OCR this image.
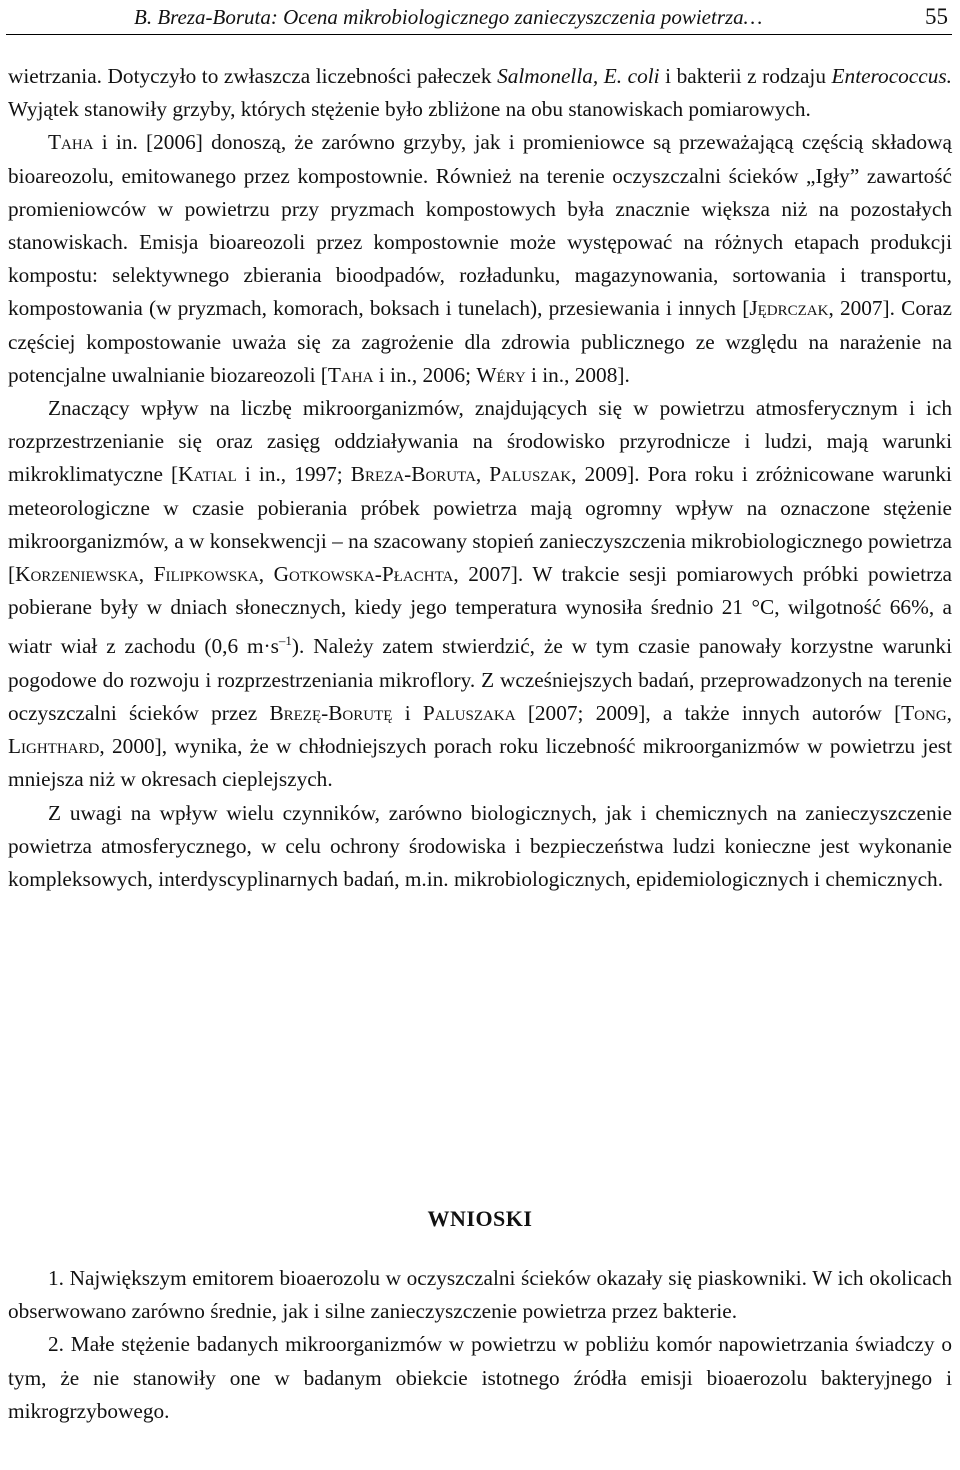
B. Breza-Boruta: Ocena mikrobiologicznego zanieczyszczenia powietrza…	55

wietrzania. Dotyczyło to zwłaszcza liczebności pałeczek Salmonella, E. coli i bakterii z rodzaju Enterococcus. Wyjątek stanowiły grzyby, których stężenie było zbliżone na obu stanowiskach pomiarowych.
Taha i in. [2006] donoszą, że zarówno grzyby, jak i promieniowce są przeważającą częścią składową bioareozolu, emitowanego przez kompostownie. Również na terenie oczyszczalni ścieków „Igły” zawartość promieniowców w powietrzu przy pryzmach kompostowych była znacznie większa niż na pozostałych stanowiskach. Emisja bioareozoli przez kompostownie może występować na różnych etapach produkcji kompostu: selektywnego zbierania bioodpadów, rozładunku, magazynowania, sortowania i transportu, kompostowania (w pryzmach, komorach, boksach i tunelach), przesiewania i innych [Jędrczak, 2007]. Coraz częściej kompostowanie uważa się za zagrożenie dla zdrowia publicznego ze względu na narażenie na potencjalne uwalnianie biozareozoli [Taha i in., 2006; Wéry i in., 2008].

Znaczący wpływ na liczbę mikroorganizmów, znajdujących się w powietrzu atmosferycznym i ich rozprzestrzenianie się oraz zasięg oddziaływania na środowisko przyrodnicze i ludzi, mają warunki mikroklimatyczne [Katial i in., 1997; Breza-Boruta, Paluszak, 2009]. Pora roku i zróżnicowane warunki meteorologiczne w czasie pobierania próbek powietrza mają ogromny wpływ na oznaczone stężenie mikroorganizmów, a w konsekwencji – na szacowany stopień zanieczyszczenia mikrobiologicznego powietrza [Korzeniewska, Filipkowska, Gotkowska-Płachta, 2007]. W trakcie sesji pomiarowych próbki powietrza pobierane były w dniach słonecznych, kiedy jego temperatura wynosiła średnio 21 °C, wilgotność 66%, a wiatr wiał z zachodu (0,6 $m\cdot s^{-1}$). Należy zatem stwierdzić, że w tym czasie panowały korzystne warunki pogodowe do rozwoju i rozprzestrzeniania mikroflory. Z wcześniejszych badań, przeprowadzonych na terenie oczyszczalni ścieków przez Brezę-Borutę i Paluszaka [2007; 2009], a także innych autorów [Tong, Lighthard, 2000], wynika, że w chłodniejszych porach roku liczebność mikroorganizmów w powietrzu jest mniejsza niż w okresach cieplejszych.

Z uwagi na wpływ wielu czynników, zarówno biologicznych, jak i chemicznych na zanieczyszczenie powietrza atmosferycznego, w celu ochrony środowiska i bezpieczeństwa ludzi konieczne jest wykonanie kompleksowych, interdyscyplinarnych badań, m.in. mikrobiologicznych, epidemiologicznych i chemicznych.

WNIOSKI

1. Największym emitorem bioaerozolu w oczyszczalni ścieków okazały się piaskowniki. W ich okolicach obserwowano zarówno średnie, jak i silne zanieczyszczenie powietrza przez bakterie.

2. Małe stężenie badanych mikroorganizmów w powietrzu w pobliżu komór napowietrzania świadczy o tym, że nie stanowiły one w badanym obiekcie istotnego źródła emisji bioaerozolu bakteryjnego i mikrogrzybowego.
